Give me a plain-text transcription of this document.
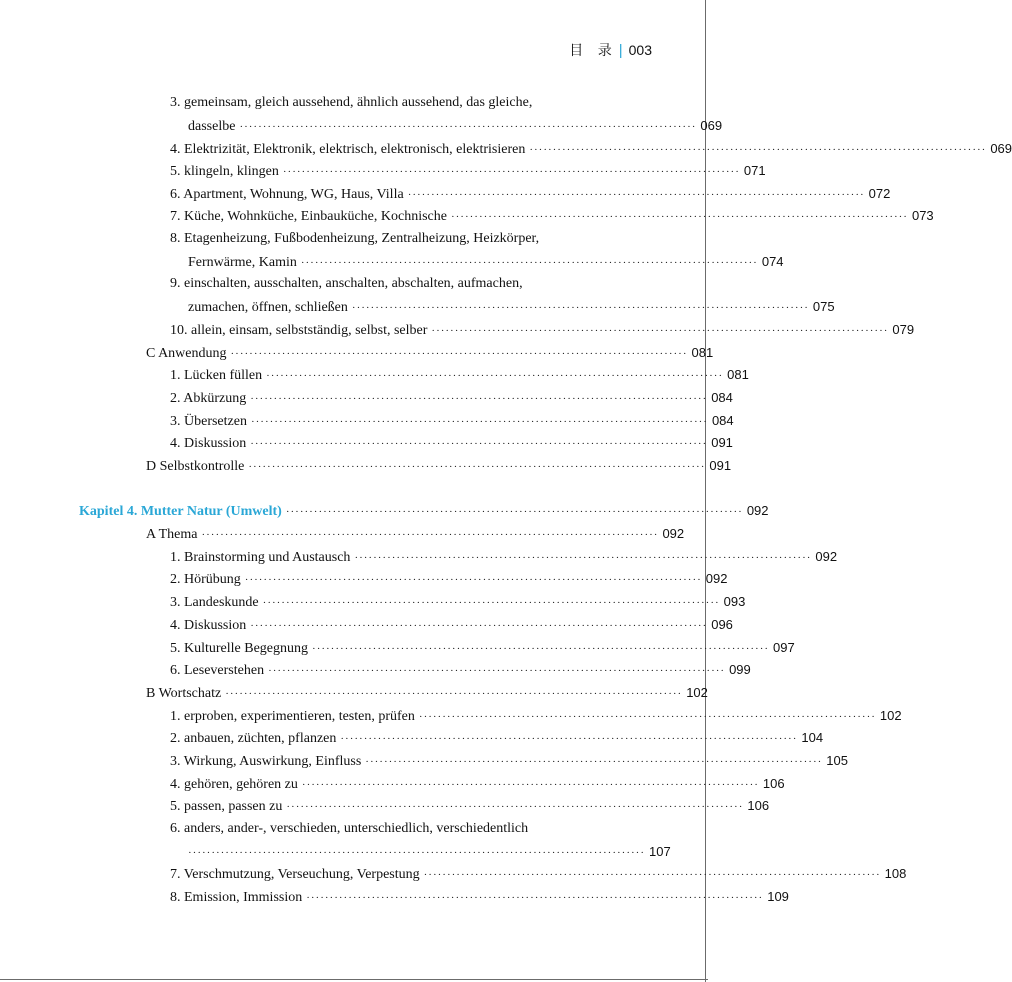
目 录 | 003
3. gemeinsam, gleich aussehend, ähnlich aussehend, das gleiche,
dasselbe ·································································································· 069
4. Elektrizität, Elektronik, elektrisch, elektronisch, elektrisieren ·································································································· 069
5. klingeln, klingen ·································································································· 071
6. Apartment, Wohnung, WG, Haus, Villa ·································································································· 072
7. Küche, Wohnküche, Einbauküche, Kochnische ·································································································· 073
8. Etagenheizung, Fußbodenheizung, Zentralheizung, Heizkörper,
Fernwärme, Kamin ·································································································· 074
9. einschalten, ausschalten, anschalten, abschalten, aufmachen,
zumachen, öffnen, schließen ·································································································· 075
10. allein, einsam, selbstständig, selbst, selber ·································································································· 079
C Anwendung ·································································································· 081
1. Lücken füllen ·································································································· 081
2. Abkürzung ·································································································· 084
3. Übersetzen ·································································································· 084
4. Diskussion ·································································································· 091
D Selbstkontrolle ·································································································· 091
Kapitel 4. Mutter Natur (Umwelt) ·································································································· 092
A Thema ·································································································· 092
1. Brainstorming und Austausch ·································································································· 092
2. Hörübung ·································································································· 092
3. Landeskunde ·································································································· 093
4. Diskussion ·································································································· 096
5. Kulturelle Begegnung ·································································································· 097
6. Leseverstehen ·································································································· 099
B Wortschatz ·································································································· 102
1. erproben, experimentieren, testen, prüfen ·································································································· 102
2. anbauen, züchten, pflanzen ·································································································· 104
3. Wirkung, Auswirkung, Einfluss ·································································································· 105
4. gehören, gehören zu ·································································································· 106
5. passen, passen zu ·································································································· 106
6. anders, ander-, verschieden, unterschiedlich, verschiedentlich
·································································································· 107
7. Verschmutzung, Verseuchung, Verpestung ·································································································· 108
8. Emission, Immission ·································································································· 109
